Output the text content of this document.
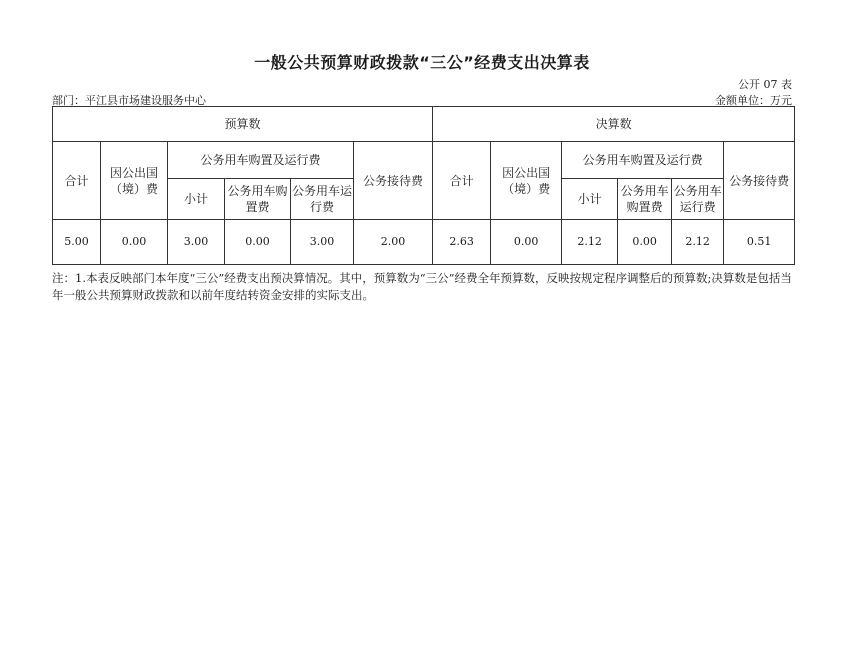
一般公共预算财政拨款“三公”经费支出决算表
公开 07 表
部门：平江县市场建设服务中心	金额单位：万元
预算数						决算数					
合计	因公出国（境）费	公务用车购置及运行费			公务接待费	合计	因公出国（境）费	公务用车购置及运行费			公务接待费
		小计	公务用车购置费	公务用车运行费				小计	公务用车购置费	公务用车运行费	
5.00	0.00	3.00	0.00	3.00	2.00	2.63	0.00	2.12	0.00	2.12	0.51
注：1.本表反映部门本年度“三公”经费支出预决算情况。其中，预算数为“三公”经费全年预算数，反映按规定程序调整后的预算数;决算数是包括当年一般公共预算财政拨款和以前年度结转资金安排的实际支出。
